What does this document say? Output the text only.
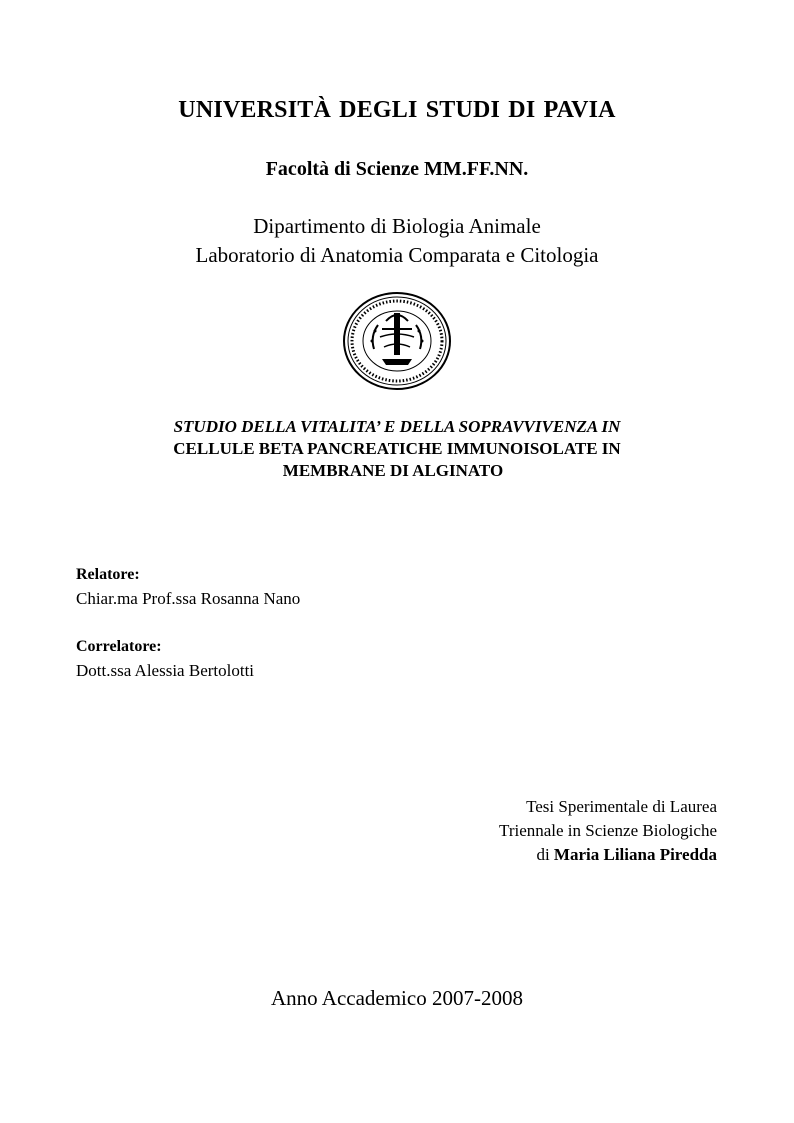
UNIVERSITÀ DEGLI STUDI DI PAVIA
Facoltà di Scienze MM.FF.NN.
Dipartimento di Biologia Animale
Laboratorio di Anatomia Comparata e Citologia
STUDIO DELLA VITALITA’ E DELLA SOPRAVVIVENZA IN
CELLULE BETA PANCREATICHE IMMUNOISOLATE IN
MEMBRANE DI ALGINATO
Relatore:
Chiar.ma Prof.ssa Rosanna Nano
Correlatore:
Dott.ssa Alessia Bertolotti
Tesi Sperimentale di Laurea
Triennale in Scienze Biologiche
di Maria Liliana Piredda
Anno Accademico 2007-2008
